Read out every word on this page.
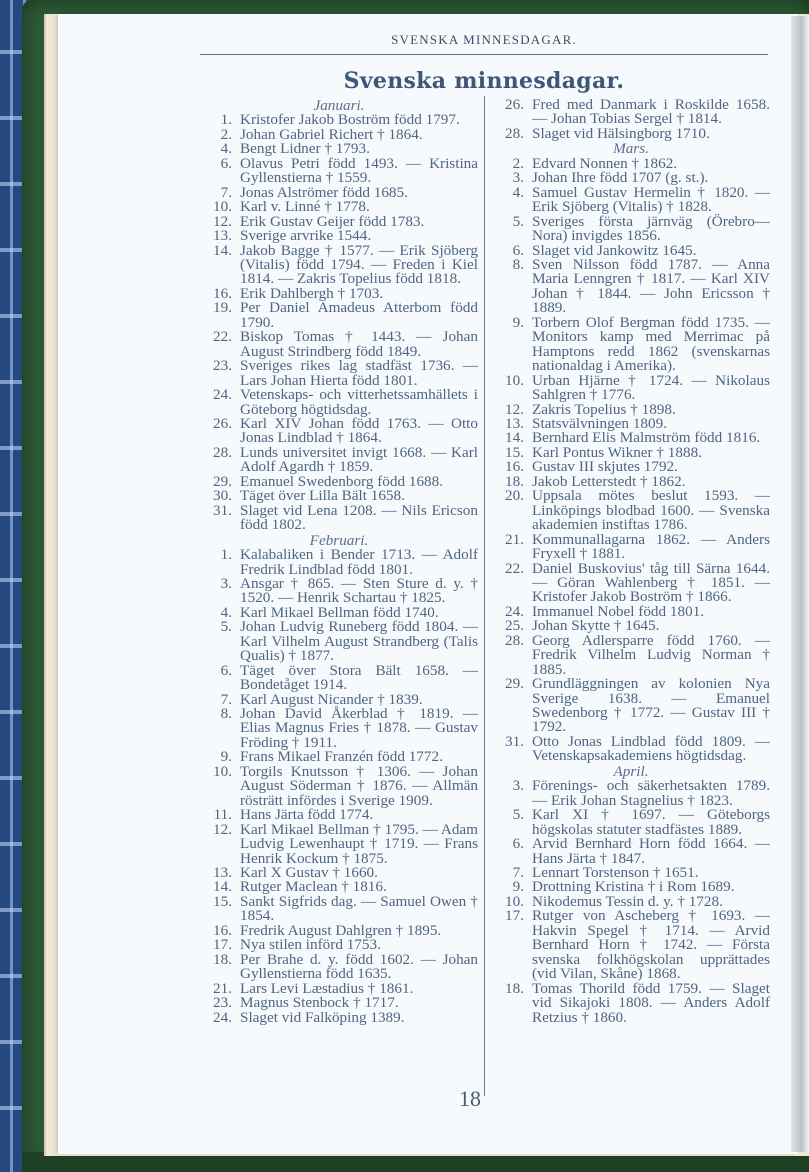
SVENSKA MINNESDAGAR.
Svenska minnesdagar.
Januari.
1. Kristofer Jakob Boström född 1797.
2. Johan Gabriel Richert † 1864.
4. Bengt Lidner † 1793.
6. Olavus Petri född 1493. — Kristina Gyllenstierna † 1559.
7. Jonas Alströmer född 1685.
10. Karl v. Linné † 1778.
12. Erik Gustav Geijer född 1783.
13. Sverige arvrike 1544.
14. Jakob Bagge † 1577. — Erik Sjöberg (Vitalis) född 1794. — Freden i Kiel 1814. — Zakris Topelius född 1818.
16. Erik Dahlbergh † 1703.
19. Per Daniel Amadeus Atterbom född 1790.
22. Biskop Tomas † 1443. — Johan August Strindberg född 1849.
23. Sveriges rikes lag stadfäst 1736. — Lars Johan Hierta född 1801.
24. Vetenskaps- och vitterhetssamhällets i Göteborg högtidsdag.
26. Karl XIV Johan född 1763. — Otto Jonas Lindblad † 1864.
28. Lunds universitet invigt 1668. — Karl Adolf Agardh † 1859.
29. Emanuel Swedenborg född 1688.
30. Täget över Lilla Bält 1658.
31. Slaget vid Lena 1208. — Nils Ericson född 1802.
Februari.
1. Kalabaliken i Bender 1713. — Adolf Fredrik Lindblad född 1801.
3. Ansgar † 865. — Sten Sture d. y. † 1520. — Henrik Schartau † 1825.
4. Karl Mikael Bellman född 1740.
5. Johan Ludvig Runeberg född 1804. — Karl Vilhelm August Strandberg (Talis Qualis) † 1877.
6. Täget över Stora Bält 1658. — Bondetåget 1914.
7. Karl August Nicander † 1839.
8. Johan David Åkerblad † 1819. — Elias Magnus Fries † 1878. — Gustav Fröding † 1911.
9. Frans Mikael Franzén född 1772.
10. Torgils Knutsson † 1306. — Johan August Söderman † 1876. — Allmän rösträtt infördes i Sverige 1909.
11. Hans Järta född 1774.
12. Karl Mikael Bellman † 1795. — Adam Ludvig Lewenhaupt † 1719. — Frans Henrik Kockum † 1875.
13. Karl X Gustav † 1660.
14. Rutger Maclean † 1816.
15. Sankt Sigfrids dag. — Samuel Owen † 1854.
16. Fredrik August Dahlgren † 1895.
17. Nya stilen införd 1753.
18. Per Brahe d. y. född 1602. — Johan Gyllenstierna född 1635.
21. Lars Levi Læstadius † 1861.
23. Magnus Stenbock † 1717.
24. Slaget vid Falköping 1389.
26. Fred med Danmark i Roskilde 1658. — Johan Tobias Sergel † 1814.
28. Slaget vid Hälsingborg 1710.
Mars.
2. Edvard Nonnen † 1862.
3. Johan Ihre född 1707 (g. st.).
4. Samuel Gustav Hermelin † 1820. — Erik Sjöberg (Vitalis) † 1828.
5. Sveriges första järnväg (Örebro—Nora) invigdes 1856.
6. Slaget vid Jankowitz 1645.
8. Sven Nilsson född 1787. — Anna Maria Lenngren † 1817. — Karl XIV Johan † 1844. — John Ericsson † 1889.
9. Torbern Olof Bergman född 1735. — Monitors kamp med Merrimac på Hamptons redd 1862 (svenskarnas nationaldag i Amerika).
10. Urban Hjärne † 1724. — Nikolaus Sahlgren † 1776.
12. Zakris Topelius † 1898.
13. Statsvälvningen 1809.
14. Bernhard Elis Malmström född 1816.
15. Karl Pontus Wikner † 1888.
16. Gustav III skjutes 1792.
18. Jakob Letterstedt † 1862.
20. Uppsala mötes beslut 1593. — Linköpings blodbad 1600. — Svenska akademien instiftas 1786.
21. Kommunallagarna 1862. — Anders Fryxell † 1881.
22. Daniel Buskovius' tåg till Särna 1644. — Göran Wahlenberg † 1851. — Kristofer Jakob Boström † 1866.
24. Immanuel Nobel född 1801.
25. Johan Skytte † 1645.
28. Georg Adlersparre född 1760. — Fredrik Vilhelm Ludvig Norman † 1885.
29. Grundläggningen av kolonien Nya Sverige 1638. — Emanuel Swedenborg † 1772. — Gustav III † 1792.
31. Otto Jonas Lindblad född 1809. — Vetenskapsakademiens högtidsdag.
April.
3. Förenings- och säkerhetsakten 1789. — Erik Johan Stagnelius † 1823.
5. Karl XI † 1697. — Göteborgs högskolas statuter stadfästes 1889.
6. Arvid Bernhard Horn född 1664. — Hans Järta † 1847.
7. Lennart Torstenson † 1651.
9. Drottning Kristina † i Rom 1689.
10. Nikodemus Tessin d. y. † 1728.
17. Rutger von Ascheberg † 1693. — Hakvin Spegel † 1714. — Arvid Bernhard Horn † 1742. — Första svenska folkhögskolan upprättades (vid Vilan, Skåne) 1868.
18. Tomas Thorild född 1759. — Slaget vid Sikajoki 1808. — Anders Adolf Retzius † 1860.
18
